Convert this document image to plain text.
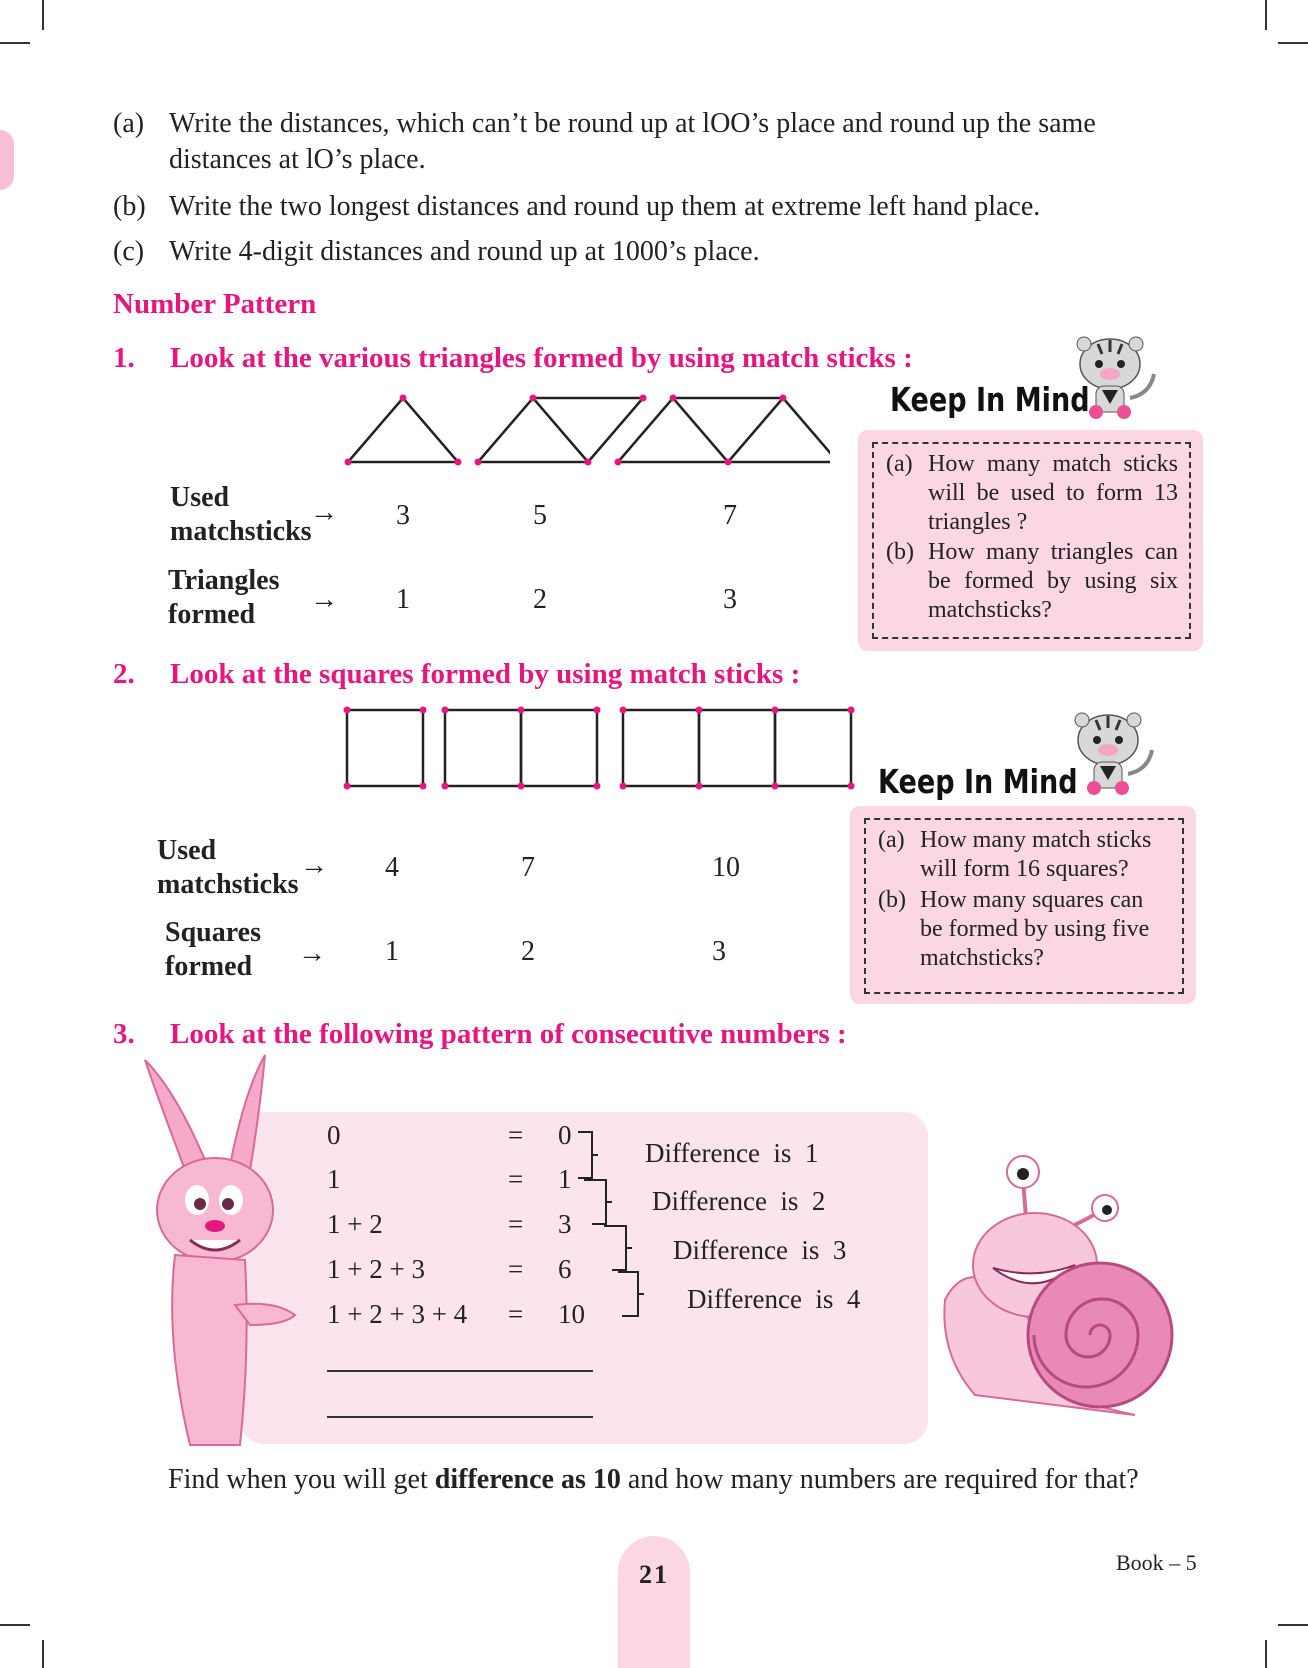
(a) Write the distances, which can’t be round up at lOO’s place and round up the same distances at lO’s place.
(b) Write the two longest distances and round up them at extreme left hand place.
(c) Write 4-digit distances and round up at 1000’s place.
Number Pattern
1. Look at the various triangles formed by using match sticks :
Used
matchsticks
→ 3	5	7
Triangles
formed	→ 1	2	3
Keep In Mind
(a) How many match sticks will be used to form 13 triangles ?
(b) How many triangles can be formed by using six matchsticks?
2. Look at the squares formed by using match sticks :
Used
matchsticks
→ 4	7	10
Squares
formed	→ 1	2	3
Keep In Mind
(a) How many match sticks will form 16 squares?
(b) How many squares can be formed by using five matchsticks?
3. Look at the following pattern of consecutive numbers :
0	= 0
1	= 1
1 + 2	= 3
1 + 2 + 3	= 6
1 + 2 + 3 + 4 = 10
Difference  is  1
Difference  is  2
Difference  is  3
Difference  is  4
Find when you will get difference as 10 and how many numbers are required for that?
21	Book – 5
